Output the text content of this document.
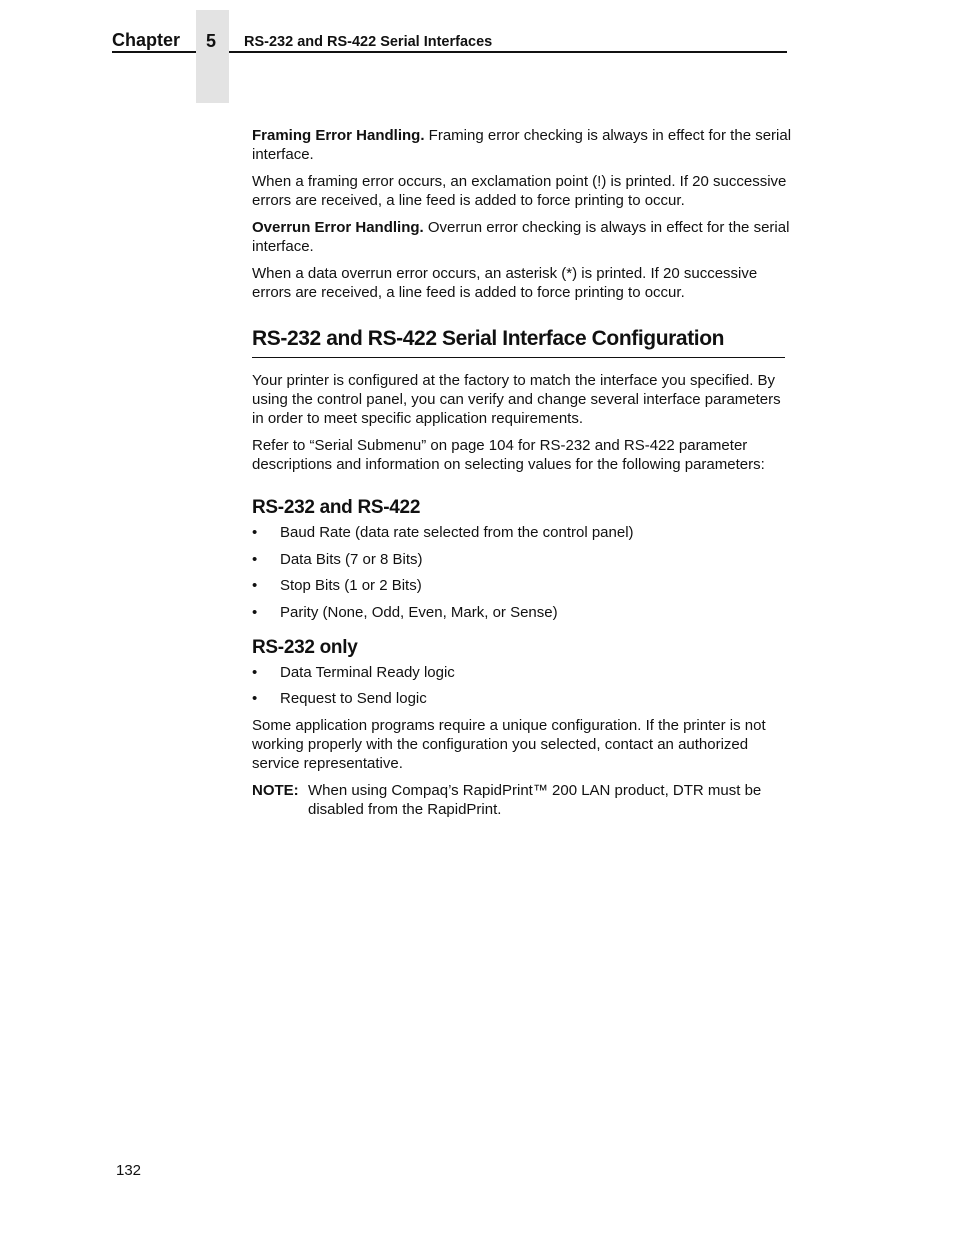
Chapter 5 RS-232 and RS-422 Serial Interfaces

Framing Error Handling. Framing error checking is always in effect for the serial interface.

When a framing error occurs, an exclamation point (!) is printed. If 20 successive errors are received, a line feed is added to force printing to occur.

Overrun Error Handling. Overrun error checking is always in effect for the serial interface.

When a data overrun error occurs, an asterisk (*) is printed. If 20 successive errors are received, a line feed is added to force printing to occur.

RS-232 and RS-422 Serial Interface Configuration

Your printer is configured at the factory to match the interface you specified. By using the control panel, you can verify and change several interface parameters in order to meet specific application requirements.

Refer to “Serial Submenu” on page 104 for RS-232 and RS-422 parameter descriptions and information on selecting values for the following parameters:

RS-232 and RS-422
• Baud Rate (data rate selected from the control panel)
• Data Bits (7 or 8 Bits)
• Stop Bits (1 or 2 Bits)
• Parity (None, Odd, Even, Mark, or Sense)
RS-232 only
• Data Terminal Ready logic
• Request to Send logic

Some application programs require a unique configuration. If the printer is not working properly with the configuration you selected, contact an authorized service representative.

NOTE: When using Compaq’s RapidPrint™ 200 LAN product, DTR must be disabled from the RapidPrint.
132
